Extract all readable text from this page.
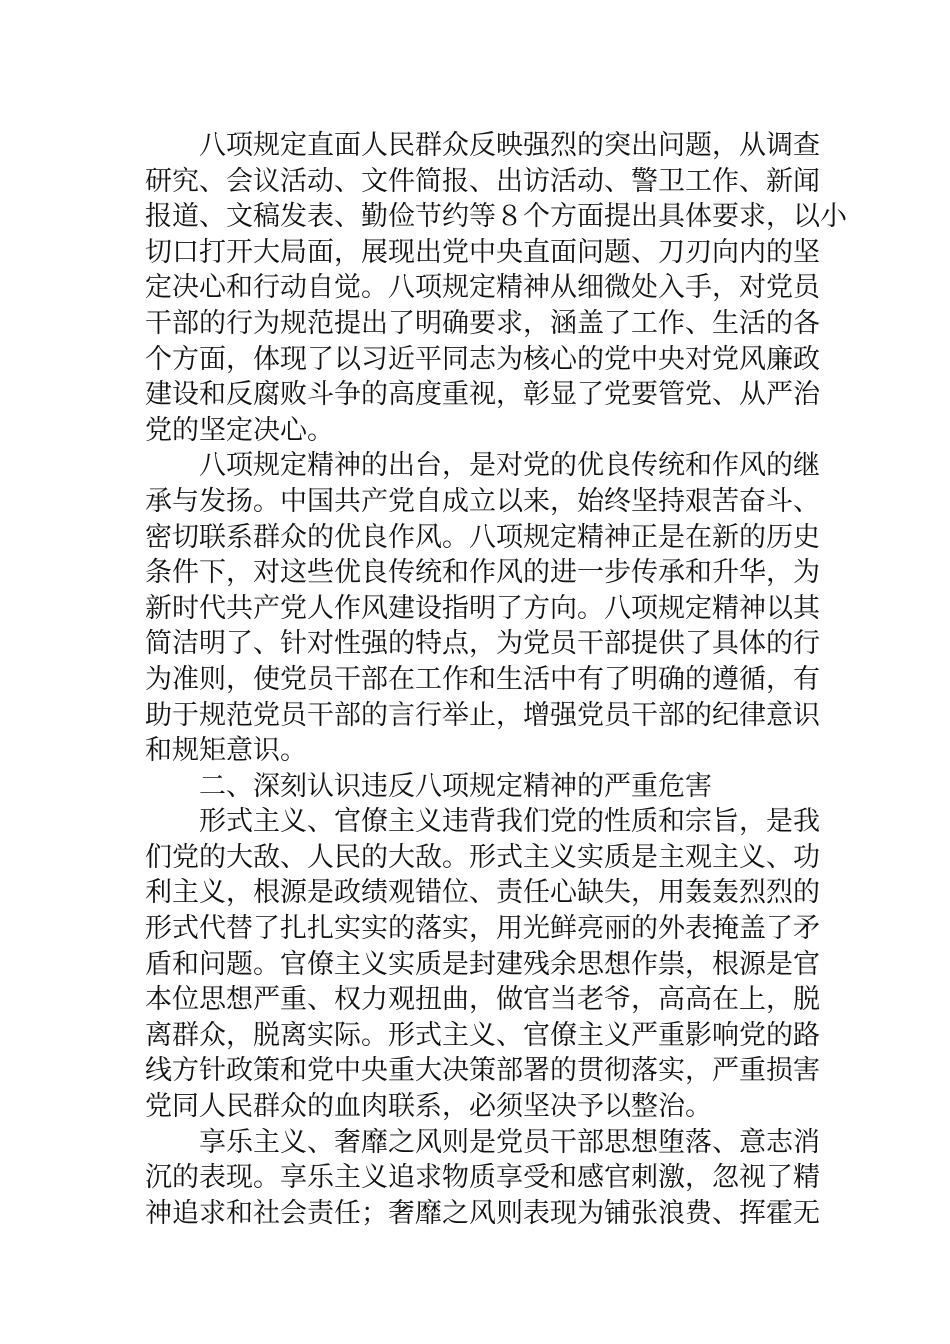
八项规定直面人民群众反映强烈的突出问题，从调查
研究、会议活动、文件简报、出访活动、警卫工作、新闻
报道、文稿发表、勤俭节约等８个方面提出具体要求，以小
切口打开大局面，展现出党中央直面问题、刀刃向内的坚
定决心和行动自觉。八项规定精神从细微处入手，对党员
干部的行为规范提出了明确要求，涵盖了工作、生活的各
个方面，体现了以习近平同志为核心的党中央对党风廉政
建设和反腐败斗争的高度重视，彰显了党要管党、从严治
党的坚定决心。
八项规定精神的出台，是对党的优良传统和作风的继
承与发扬。中国共产党自成立以来，始终坚持艰苦奋斗、
密切联系群众的优良作风。八项规定精神正是在新的历史
条件下，对这些优良传统和作风的进一步传承和升华，为
新时代共产党人作风建设指明了方向。八项规定精神以其
简洁明了、针对性强的特点，为党员干部提供了具体的行
为准则，使党员干部在工作和生活中有了明确的遵循，有
助于规范党员干部的言行举止，增强党员干部的纪律意识
和规矩意识。
二、深刻认识违反八项规定精神的严重危害
形式主义、官僚主义违背我们党的性质和宗旨，是我
们党的大敌、人民的大敌。形式主义实质是主观主义、功
利主义，根源是政绩观错位、责任心缺失，用轰轰烈烈的
形式代替了扎扎实实的落实，用光鲜亮丽的外表掩盖了矛
盾和问题。官僚主义实质是封建残余思想作祟，根源是官
本位思想严重、权力观扭曲，做官当老爷，高高在上，脱
离群众，脱离实际。形式主义、官僚主义严重影响党的路
线方针政策和党中央重大决策部署的贯彻落实，严重损害
党同人民群众的血肉联系，必须坚决予以整治。
享乐主义、奢靡之风则是党员干部思想堕落、意志消
沉的表现。享乐主义追求物质享受和感官刺激，忽视了精
神追求和社会责任；奢靡之风则表现为铺张浪费、挥霍无
